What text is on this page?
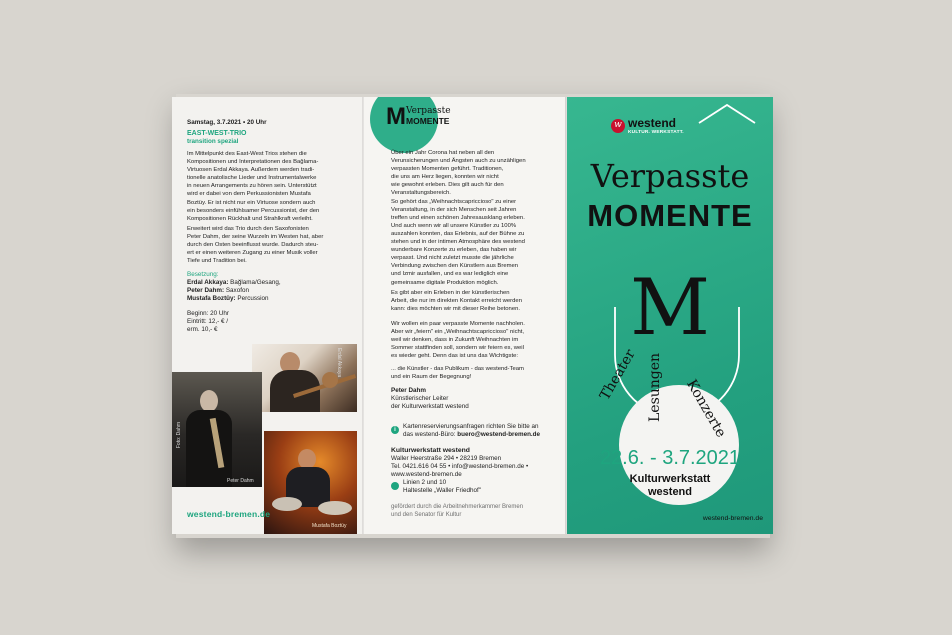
Samstag, 3.7.2021 • 20 Uhr

EAST-WEST-TRIO

transition spezial

Im Mittelpunkt des East-West Trios stehen die
Kompositionen und Interpretationen des Bağlama-
Virtuosen Erdal Akkaya. Außerdem werden tradi-
tionelle anatolische Lieder und Instrumentalwerke
in neuen Arrangements zu hören sein. Unterstützt
wird er dabei von dem Perkussionisten Mustafa
Boztüy. Er ist nicht nur ein Virtuose sondern auch
ein besonders einfühlsamer Percussionist, der den
Kompositionen Rückhalt und Strahlkraft verleiht.
Erweitert wird das Trio durch den Saxofonisten
Peter Dahm, der seine Wurzeln im Westen hat, aber
durch den Osten beeinflusst wurde. Dadurch steu-
ert er einen weiteren Zugang zu einer Musik voller
Tiefe und Tradition bei.

Besetzung:

Erdal Akkaya: Bağlama/Gesang,
Peter Dahm: Saxofon
Mustafa Boztüy: Percussion
Beginn: 20 Uhr
Eintritt: 12,- € /
erm. 10,- €
Erdal Akkaya
Foto: Dahm
Peter Dahm
Mustafa Boztüy

westend-bremen.de

M Verpasste
MOMENTE
Über ein Jahr Corona hat neben all den
Verunsicherungen und Ängsten auch zu unzähligen
verpassten Momenten geführt. Traditionen,
die uns am Herz liegen, konnten wir nicht
wie gewohnt erleben. Dies gilt auch für den
Veranstaltungsbereich.
So gehört das „Weihnachtscapriccioso" zu einer
Veranstaltung, in der sich Menschen seit Jahren
treffen und einen schönen Jahresausklang erleben.
Und auch wenn wir all unsere Künstler zu 100%
auszahlen konnten, das Erlebnis, auf der Bühne zu
stehen und in der intimen Atmosphäre des westend
wunderbare Konzerte zu erleben, das haben wir
verpasst. Und nicht zuletzt musste die jährliche
Verbindung zwischen den Künstlern aus Bremen
und Izmir ausfallen, und es war lediglich eine
gemeinsame digitale Produktion möglich.
Es gibt aber ein Erleben in der künstlerischen
Arbeit, die nur im direkten Kontakt erreicht werden
kann: dies möchten wir mit dieser Reihe betonen.
Wir wollen ein paar verpasste Momente nachholen.
Aber wir „feiern" ein „Weihnachtscapriccioso" nicht,
weil wir denken, dass in Zukunft Weihnachten im
Sommer stattfinden soll, sondern wir feiern es, weil
es wieder geht. Denn das ist uns das Wichtigste:
... die Künstler - das Publikum - das westend-Team
und ein Raum der Begegnung!

Peter Dahm

Künstlerischer Leiter

der Kulturwerkstatt westend

i	Kartenreservierungsanfragen richten Sie bitte an

das westend-Büro: buero@westend-bremen.de

Kulturwerkstatt westend

Waller Heerstraße 294 • 28219 Bremen

Tel. 0421.616 04 55 • info@westend-bremen.de •

www.westend-bremen.de

Linien 2 und 10

Haltestelle „Waller Friedhof"

gefördert durch die Arbeitnehmerkammer Bremen

und den Senator für Kultur

w westend
KULTUR. WERKSTATT.
Verpasste
MOMENTE
M
Theater Lesungen Konzerte
22.6. - 3.7.2021
Kulturwerkstatt
westend
westend-bremen.de
